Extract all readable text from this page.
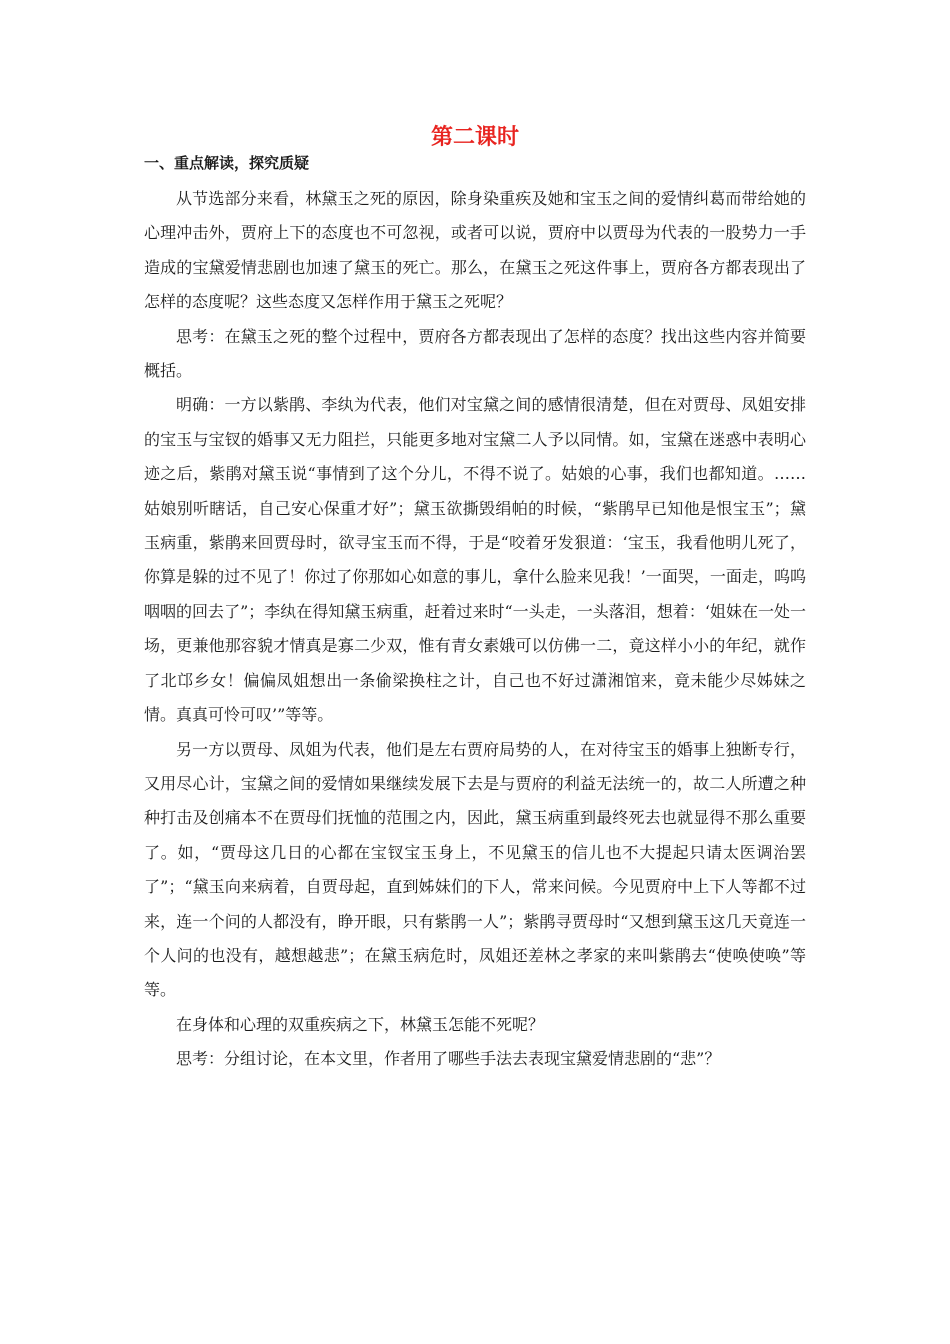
第二课时
一、重点解读，探究质疑

从节选部分来看，林黛玉之死的原因，除身染重疾及她和宝玉之间的爱情纠葛而带给她的心理冲击外，贾府上下的态度也不可忽视，或者可以说，贾府中以贾母为代表的一股势力一手造成的宝黛爱情悲剧也加速了黛玉的死亡。那么，在黛玉之死这件事上，贾府各方都表现出了怎样的态度呢？这些态度又怎样作用于黛玉之死呢？

思考：在黛玉之死的整个过程中，贾府各方都表现出了怎样的态度？找出这些内容并简要概括。

明确：一方以紫鹃、李纨为代表，他们对宝黛之间的感情很清楚，但在对贾母、凤姐安排的宝玉与宝钗的婚事又无力阻拦，只能更多地对宝黛二人予以同情。如，宝黛在迷惑中表明心迹之后，紫鹃对黛玉说“事情到了这个分儿，不得不说了。姑娘的心事，我们也都知道。……姑娘别听瞎话，自己安心保重才好”；黛玉欲撕毁绢帕的时候，“紫鹃早已知他是恨宝玉”；黛玉病重，紫鹃来回贾母时，欲寻宝玉而不得，于是“咬着牙发狠道：‘宝玉，我看他明儿死了，你算是躲的过不见了！你过了你那如心如意的事儿，拿什么脸来见我！’一面哭，一面走，呜呜咽咽的回去了”；李纨在得知黛玉病重，赶着过来时“一头走，一头落泪，想着：‘姐妹在一处一场，更兼他那容貌才情真是寡二少双，惟有青女素娥可以仿佛一二，竟这样小小的年纪，就作了北邙乡女！偏偏凤姐想出一条偷梁换柱之计，自己也不好过潇湘馆来，竟未能少尽姊妹之情。真真可怜可叹’”等等。

另一方以贾母、凤姐为代表，他们是左右贾府局势的人，在对待宝玉的婚事上独断专行，又用尽心计，宝黛之间的爱情如果继续发展下去是与贾府的利益无法统一的，故二人所遭之种种打击及创痛本不在贾母们抚恤的范围之内，因此，黛玉病重到最终死去也就显得不那么重要了。如，“贾母这几日的心都在宝钗宝玉身上，不见黛玉的信儿也不大提起只请太医调治罢了”；“黛玉向来病着，自贾母起，直到姊妹们的下人，常来问候。今见贾府中上下人等都不过来，连一个问的人都没有，睁开眼，只有紫鹃一人”；紫鹃寻贾母时“又想到黛玉这几天竟连一个人问的也没有，越想越悲”；在黛玉病危时，凤姐还差林之孝家的来叫紫鹃去“使唤使唤”等等。

在身体和心理的双重疾病之下，林黛玉怎能不死呢？

思考：分组讨论，在本文里，作者用了哪些手法去表现宝黛爱情悲剧的“悲”？
